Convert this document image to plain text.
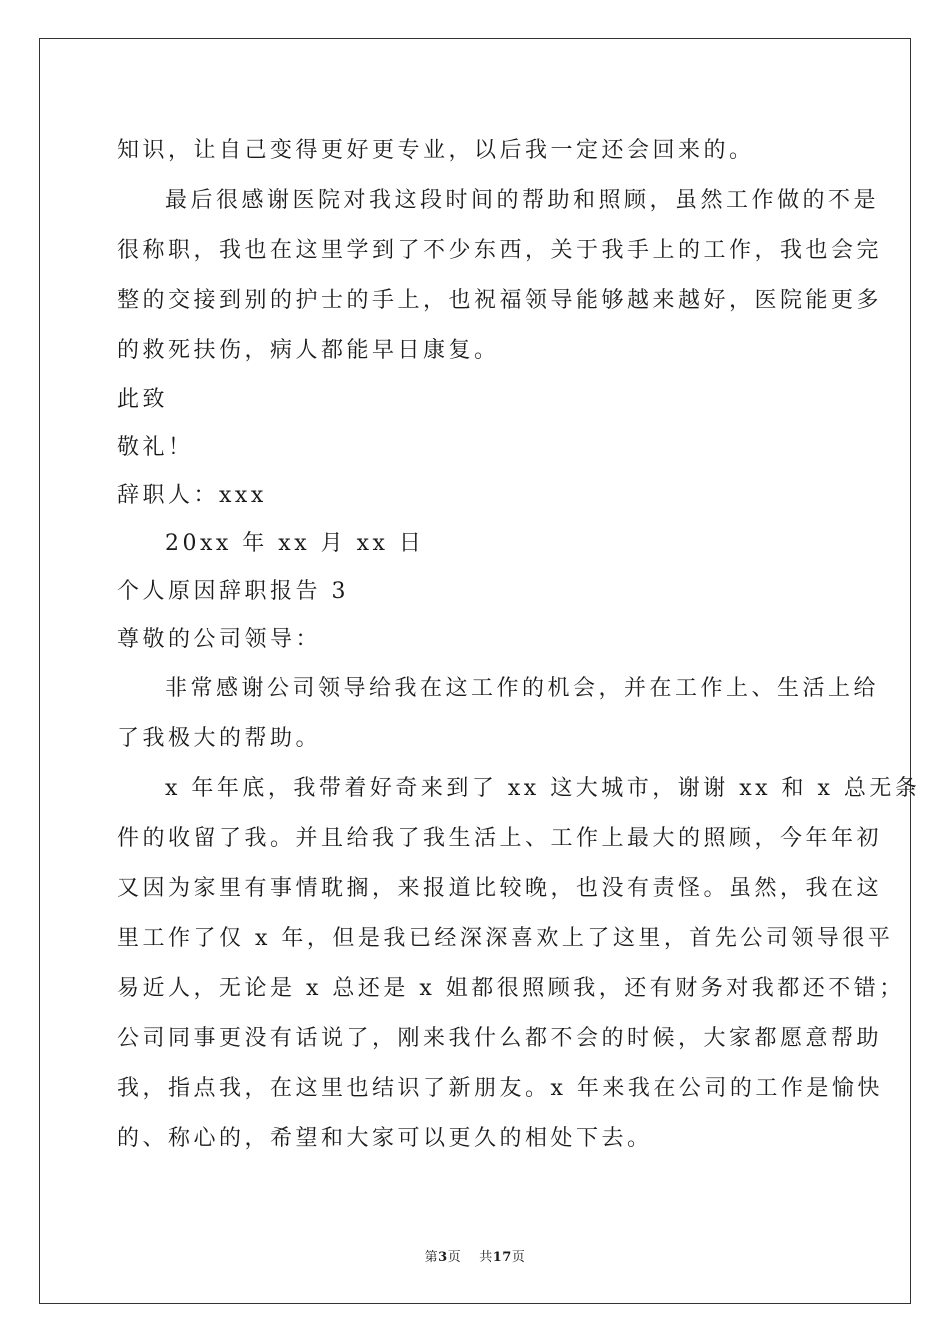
知识，让自己变得更好更专业，以后我一定还会回来的。
最后很感谢医院对我这段时间的帮助和照顾，虽然工作做的不是
很称职，我也在这里学到了不少东西，关于我手上的工作，我也会完
整的交接到别的护士的手上，也祝福领导能够越来越好，医院能更多
的救死扶伤，病人都能早日康复。
此致
敬礼！
辞职人：xxx
20xx 年 xx 月 xx 日
个人原因辞职报告 3
尊敬的公司领导：
非常感谢公司领导给我在这工作的机会，并在工作上、生活上给
了我极大的帮助。
x 年年底，我带着好奇来到了 xx 这大城市，谢谢 xx 和 x 总无条
件的收留了我。并且给我了我生活上、工作上最大的照顾，今年年初
又因为家里有事情耽搁，来报道比较晚，也没有责怪。虽然，我在这
里工作了仅 x 年，但是我已经深深喜欢上了这里，首先公司领导很平
易近人，无论是 x 总还是 x 姐都很照顾我，还有财务对我都还不错；
公司同事更没有话说了，刚来我什么都不会的时候，大家都愿意帮助
我，指点我，在这里也结识了新朋友。x 年来我在公司的工作是愉快
的、称心的，希望和大家可以更久的相处下去。
第3页 共17页
